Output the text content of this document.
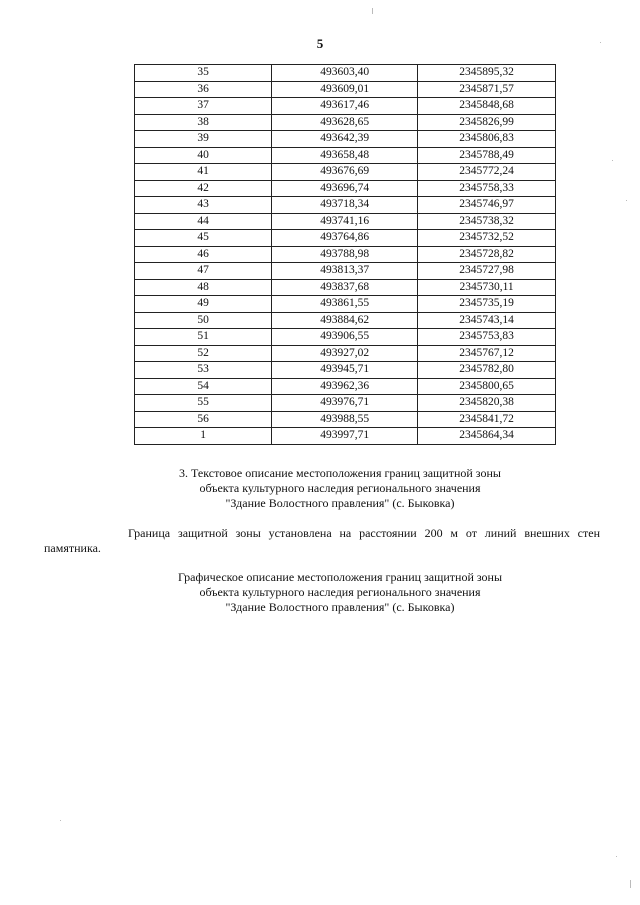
5
35	493603,40	2345895,32
36	493609,01	2345871,57
37	493617,46	2345848,68
38	493628,65	2345826,99
39	493642,39	2345806,83
40	493658,48	2345788,49
41	493676,69	2345772,24
42	493696,74	2345758,33
43	493718,34	2345746,97
44	493741,16	2345738,32
45	493764,86	2345732,52
46	493788,98	2345728,82
47	493813,37	2345727,98
48	493837,68	2345730,11
49	493861,55	2345735,19
50	493884,62	2345743,14
51	493906,55	2345753,83
52	493927,02	2345767,12
53	493945,71	2345782,80
54	493962,36	2345800,65
55	493976,71	2345820,38
56	493988,55	2345841,72
1	493997,71	2345864,34
3. Текстовое описание местоположения границ защитной зоны
объекта культурного наследия регионального значения
"Здание Волостного правления" (с. Быковка)
Граница защитной зоны установлена на расстоянии 200 м от линий внешних стен
памятника.
Графическое описание местоположения границ защитной зоны
объекта культурного наследия регионального значения
"Здание Волостного правления" (с. Быковка)
